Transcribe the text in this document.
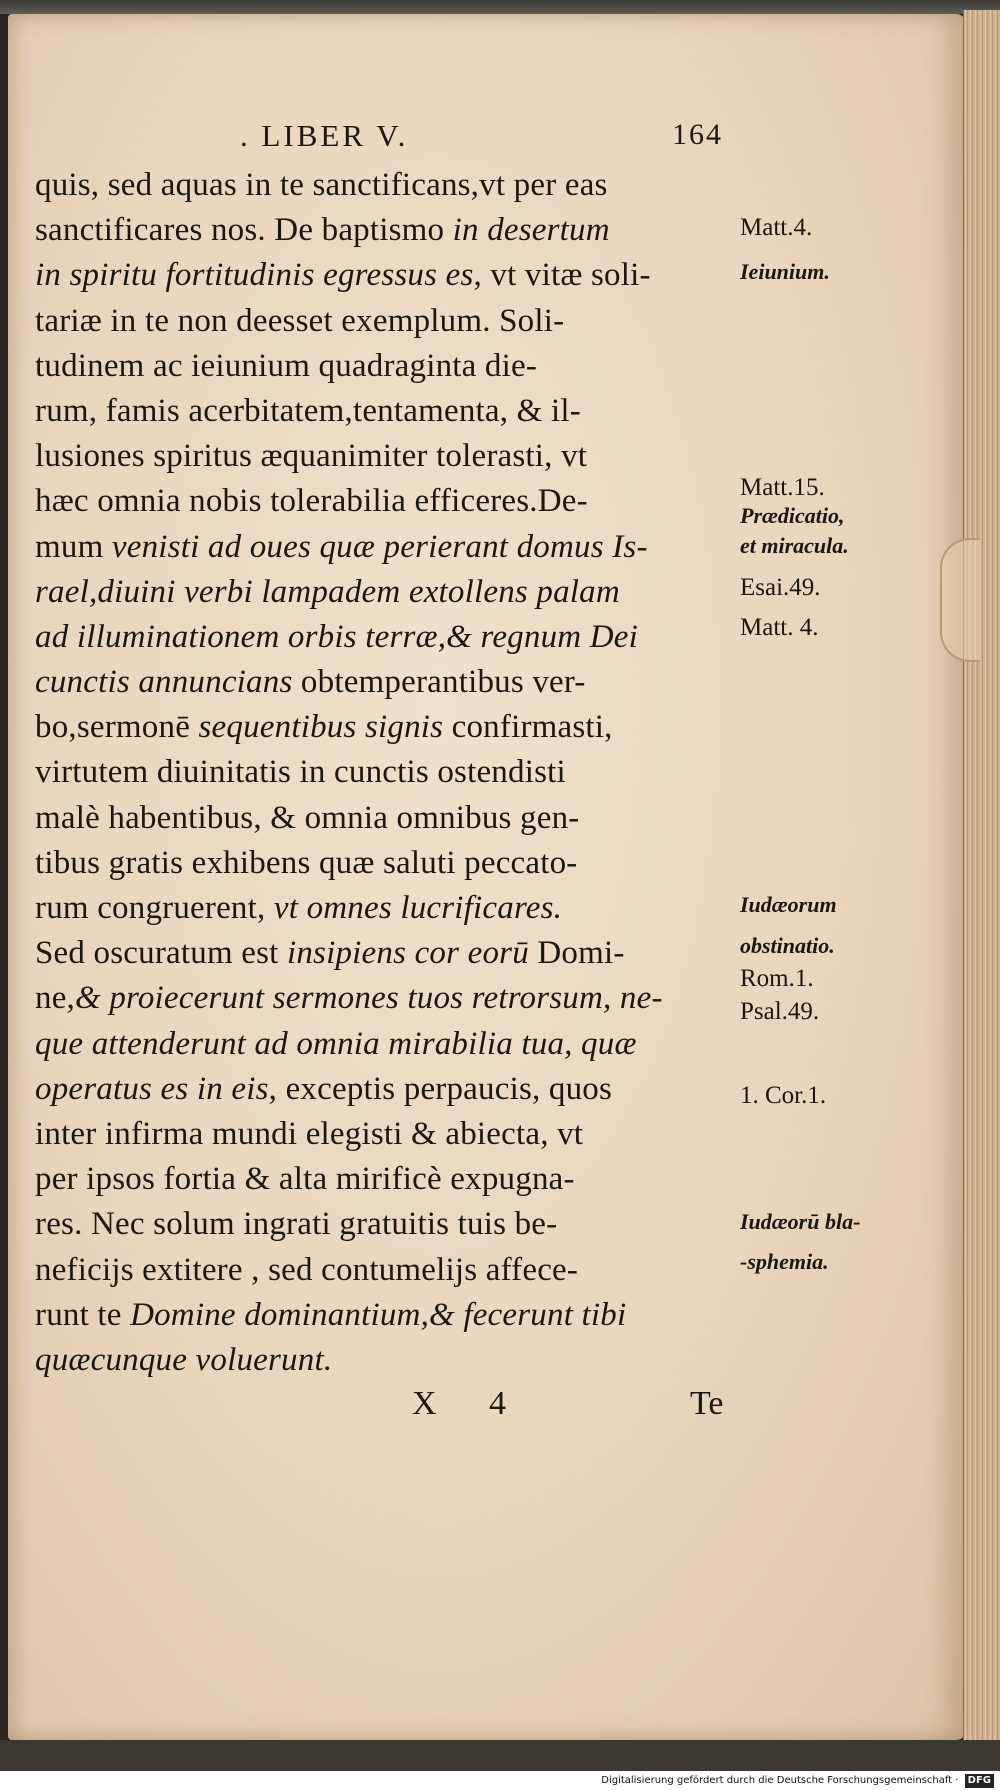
. LIBER V.	164
quis, sed aquas in te sanctificans,vt per eas
sanctificares nos. De baptismo in desertum
in spiritu fortitudinis egressus es, vt vitæ soli-
tariæ in te non deesset exemplum. Soli-
tudinem ac ieiunium quadraginta die-
rum, famis acerbitatem,tentamenta, & il-
lusiones spiritus æquanimiter tolerasti, vt
hæc omnia nobis tolerabilia efficeres.De-
mum venisti ad oues quæ perierant domus Is-
rael,diuini verbi lampadem extollens palam
ad illuminationem orbis terræ,& regnum Dei
cunctis annuncians obtemperantibus ver-
bo,sermonē sequentibus signis confirmasti,
virtutem diuinitatis in cunctis ostendisti
malè habentibus, & omnia omnibus gen-
tibus gratis exhibens quæ saluti peccato-
rum congruerent, vt omnes lucrificares.
Sed oscuratum est insipiens cor eorū Domi-
ne,& proiecerunt sermones tuos retrorsum, ne-
que attenderunt ad omnia mirabilia tua, quæ
operatus es in eis, exceptis perpaucis, quos
inter infirma mundi elegisti & abiecta, vt
per ipsos fortia & alta mirificè expugna-
res. Nec solum ingrati gratuitis tuis be-
neficijs extitere , sed contumelijs affece-
runt te Domine dominantium,& fecerunt tibi
quæcunque voluerunt.
Matt.4.
Ieiunium.
Matt.15.
Prædicatio,
et miracula.
Esai.49.
Matt. 4.
Iudæorum
obstinatio.
Rom.1.
Psal.49.
1. Cor.1.
Iudæorū bla-
-sphemia.
X 4	Te
Digitalisierung gefördert durch die Deutsche Forschungsgemeinschaft · DFG
